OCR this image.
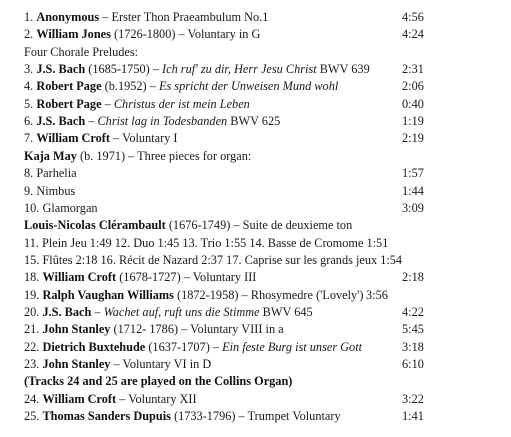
1. Anonymous – Erster Thon Praeambulum No.1	4:56
2. William Jones (1726-1800) – Voluntary in G	4:24
Four Chorale Preludes:
3. J.S. Bach (1685-1750) – Ich ruf' zu dir, Herr Jesu Christ BWV 639	2:31
4. Robert Page (b.1952) – Es spricht der Unweisen Mund wohl	2:06
5. Robert Page – Christus der ist mein Leben	0:40
6. J.S. Bach – Christ lag in Todesbanden BWV 625	1:19
7. William Croft – Voluntary I	2:19
Kaja May (b. 1971) – Three pieces for organ:
8. Parhelia	1:57
9. Nimbus	1:44
10. Glamorgan	3:09
Louis-Nicolas Clérambault (1676-1749) – Suite de deuxieme ton
11. Plein Jeu 1:49 12. Duo 1:45 13. Trio 1:55 14. Basse de Cromome 1:51
15. Flûtes 2:18 16. Récit de Nazard 2:37 17. Caprise sur les grands jeux 1:54
18. William Croft (1678-1727) – Voluntary III	2:18
19. Ralph Vaughan Williams (1872-1958) – Rhosymedre ('Lovely') 3:56
20. J.S. Bach – Wachet auf, ruft uns die Stimme BWV 645	4:22
21. John Stanley (1712- 1786) – Voluntary VIII in a	5:45
22. Dietrich Buxtehude (1637-1707) – Ein feste Burg ist unser Gott	3:18
23. John Stanley – Voluntary VI in D	6:10
(Tracks 24 and 25 are played on the Collins Organ)
24. William Croft – Voluntary XII	3:22
25. Thomas Sanders Dupuis (1733-1796) – Trumpet Voluntary	1:41
